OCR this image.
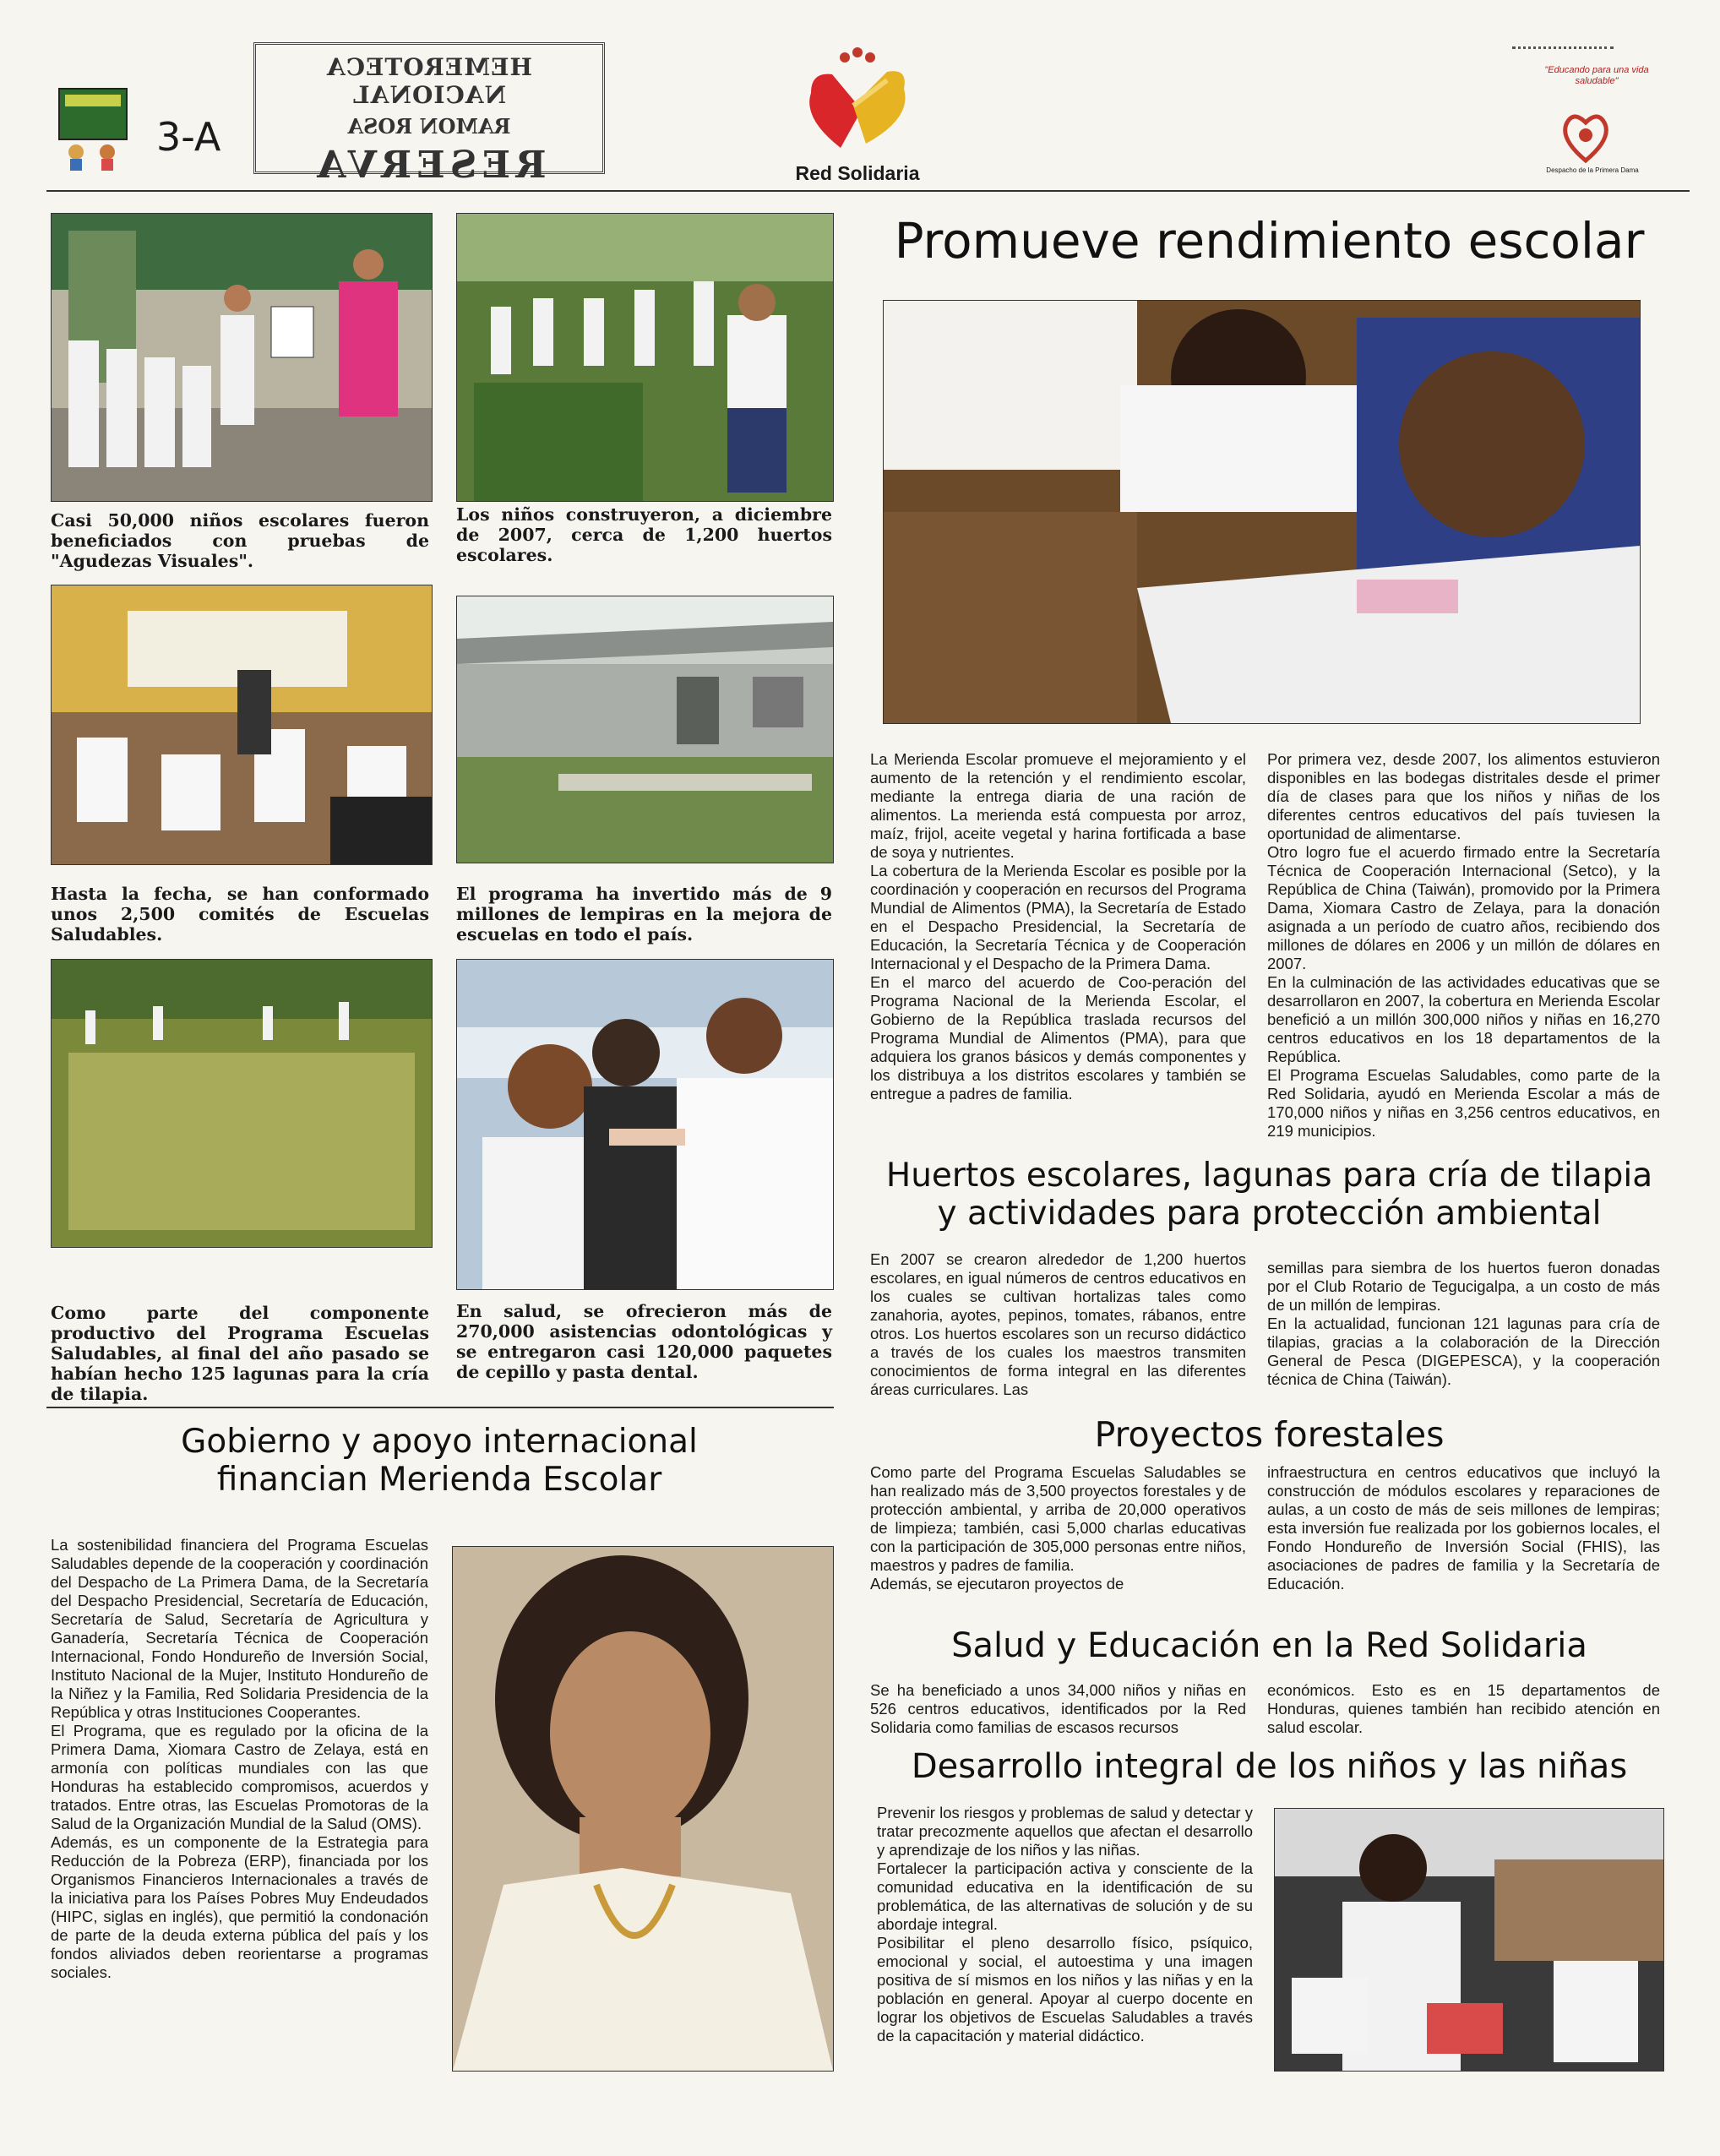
3-A
HEMEROTECA NACIONAL
RAMON ROSA
RESERVA	Red Solidaria
"Educando para una vida saludable"
Despacho de la Primera Dama
Casi 50,000 niños escolares fueron beneficiados con pruebas de "Agudezas Visuales".
Los niños construyeron, a diciembre de 2007, cerca de 1,200 huertos escolares.
Hasta la fecha, se han conformado unos 2,500 comités de Escuelas Saludables.
El programa ha invertido más de 9 millones de lempiras en la mejora de escuelas en todo el país.
Como parte del componente productivo del Programa Escuelas Saludables, al final del año pasado se habían hecho 125 lagunas para la cría de tilapia.
En salud, se ofrecieron más de 270,000 asistencias odontológicas y se entregaron casi 120,000 paquetes de cepillo y pasta dental.
Promueve rendimiento escolar

La Merienda Escolar promueve el mejoramiento y el aumento de la retención y el rendimiento escolar, mediante la entrega diaria de una ración de alimentos. La merienda está compuesta por arroz, maíz, frijol, aceite vegetal y harina fortificada a base de soya y nutrientes.

La cobertura de la Merienda Escolar es posible por la coordinación y cooperación en recursos del Programa Mundial de Alimentos (PMA), la Secretaría de Estado en el Despacho Presidencial, la Secretaría de Educación, la Secretaría Técnica y de Cooperación Internacional y el Despacho de la Primera Dama.

En el marco del acuerdo de Coo-peración del Programa Nacional de la Merienda Escolar, el Gobierno de la República traslada recursos del Programa Mundial de Alimentos (PMA), para que adquiera los granos básicos y demás componentes y los distribuya a los distritos escolares y también se entregue a padres de familia.

Por primera vez, desde 2007, los alimentos estuvieron disponibles en las bodegas distritales desde el primer día de clases para que los niños y niñas de los diferentes centros educativos del país tuviesen la oportunidad de alimentarse.

Otro logro fue el acuerdo firmado entre la Secretaría Técnica de Cooperación Internacional (Setco), y la República de China (Taiwán), promovido por la Primera Dama, Xiomara Castro de Zelaya, para la donación asignada a un período de cuatro años, recibiendo dos millones de dólares en 2006 y un millón de dólares en 2007.

En la culminación de las actividades educativas que se desarrollaron en 2007, la cobertura en Merienda Escolar benefició a un millón 300,000 niños y niñas en 16,270 centros educativos en los 18 departamentos de la República.

El Programa Escuelas Saludables, como parte de la Red Solidaria, ayudó en Merienda Escolar a más de 170,000 niños y niñas en 3,256 centros educativos, en 219 municipios.

Huertos escolares, lagunas para cría de tilapia
y actividades para protección ambiental

En 2007 se crearon alrededor de 1,200 huertos escolares, en igual números de centros educativos en los cuales se cultivan hortalizas tales como zanahoria, ayotes, pepinos, tomates, rábanos, entre otros. Los huertos escolares son un recurso didáctico a través de los cuales los maestros transmiten conocimientos de forma integral en las diferentes áreas curriculares. Las

semillas para siembra de los huertos fueron donadas por el Club Rotario de Tegucigalpa, a un costo de más de un millón de lempiras.

En la actualidad, funcionan 121 lagunas para cría de tilapias, gracias a la colaboración de la Dirección General de Pesca (DIGEPESCA), y la cooperación técnica de China (Taiwán).

Proyectos forestales

Como parte del Programa Escuelas Saludables se han realizado más de 3,500 proyectos forestales y de protección ambiental, y arriba de 20,000 operativos de limpieza; también, casi 5,000 charlas educativas con la participación de 305,000 personas entre niños, maestros y padres de familia.

Además, se ejecutaron proyectos de

infraestructura en centros educativos que incluyó la construcción de módulos escolares y reparaciones de aulas, a un costo de más de seis millones de lempiras; esta inversión fue realizada por los gobiernos locales, el Fondo Hondureño de Inversión Social (FHIS), las asociaciones de padres de familia y la Secretaría de Educación.

Salud y Educación en la Red Solidaria

Se ha beneficiado a unos 34,000 niños y niñas en 526 centros educativos, identificados por la Red Solidaria como familias de escasos recursos

económicos. Esto es en 15 departamentos de Honduras, quienes también han recibido atención en salud escolar.

Desarrollo integral de los niños y las niñas

Prevenir los riesgos y problemas de salud y detectar y tratar precozmente aquellos que afectan el desarrollo y aprendizaje de los niños y las niñas.

Fortalecer la participación activa y consciente de la comunidad educativa en la identificación de su problemática, de las alternativas de solución y de su abordaje integral.

Posibilitar el pleno desarrollo físico, psíquico, emocional y social, el autoestima y una imagen positiva de sí mismos en los niños y las niñas y en la población en general. Apoyar al cuerpo docente en lograr los objetivos de Escuelas Saludables a través de la capacitación y material didáctico.

Gobierno y apoyo internacional
financian Merienda Escolar

La sostenibilidad financiera del Programa Escuelas Saludables depende de la cooperación y coordinación del Despacho de La Primera Dama, de la Secretaría del Despacho Presidencial, Secretaría de Educación, Secretaría de Salud, Secretaría de Agricultura y Ganadería, Secretaría Técnica de Cooperación Internacional, Fondo Hondureño de Inversión Social, Instituto Nacional de la Mujer, Instituto Hondureño de la Niñez y la Familia, Red Solidaria Presidencia de la República y otras Instituciones Cooperantes.

El Programa, que es regulado por la oficina de la Primera Dama, Xiomara Castro de Zelaya, está en armonía con políticas mundiales con las que Honduras ha establecido compromisos, acuerdos y tratados. Entre otras, las Escuelas Promotoras de la Salud de la Organización Mundial de la Salud (OMS).

Además, es un componente de la Estrategia para Reducción de la Pobreza (ERP), financiada por los Organismos Financieros Internacionales a través de la iniciativa para los Países Pobres Muy Endeudados (HIPC, siglas en inglés), que permitió la condonación de parte de la deuda externa pública del país y los fondos aliviados deben reorientarse a programas sociales.
